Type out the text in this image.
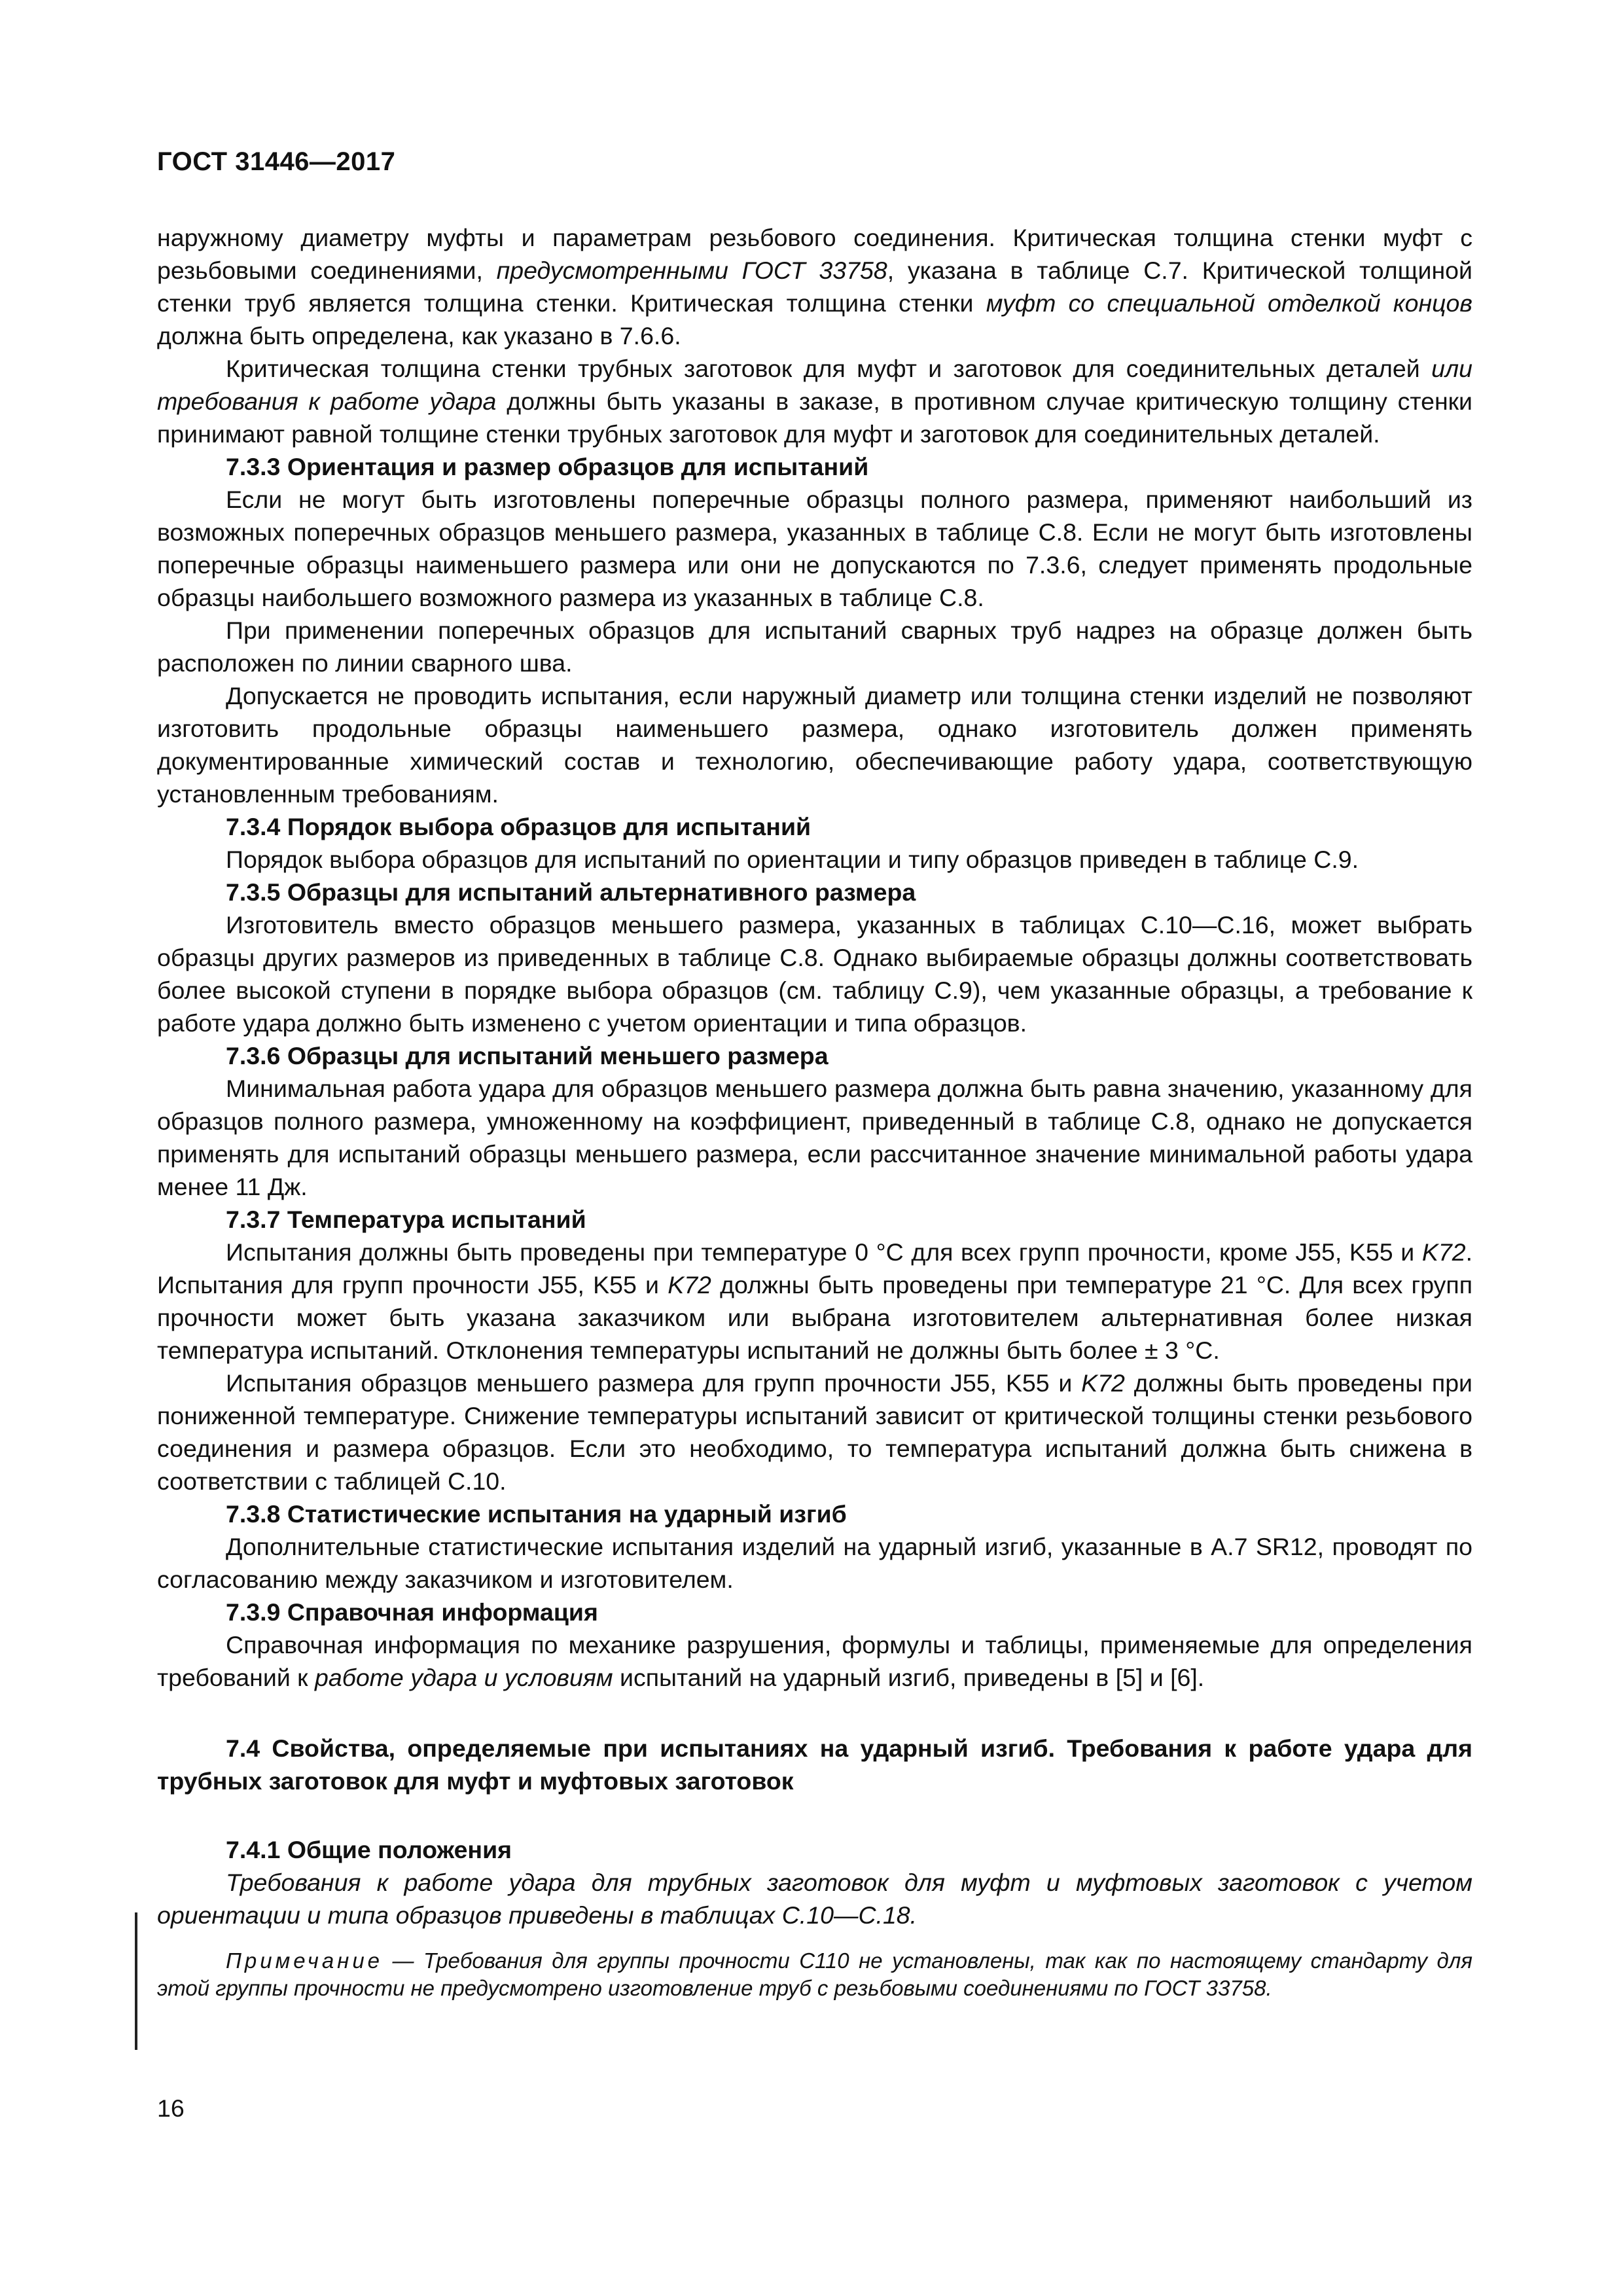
ГОСТ 31446—2017

наружному диаметру муфты и параметрам резьбового соединения. Критическая толщина стенки муфт с резьбовыми соединениями, предусмотренными ГОСТ 33758, указана в таблице С.7. Критической толщиной стенки труб является толщина стенки. Критическая толщина стенки муфт со специальной отделкой концов должна быть определена, как указано в 7.6.6.

Критическая толщина стенки трубных заготовок для муфт и заготовок для соединительных деталей или требования к работе удара должны быть указаны в заказе, в противном случае критическую толщину стенки принимают равной толщине стенки трубных заготовок для муфт и заготовок для соединительных деталей.

7.3.3 Ориентация и размер образцов для испытаний

Если не могут быть изготовлены поперечные образцы полного размера, применяют наибольший из возможных поперечных образцов меньшего размера, указанных в таблице С.8. Если не могут быть изготовлены поперечные образцы наименьшего размера или они не допускаются по 7.3.6, следует применять продольные образцы наибольшего возможного размера из указанных в таблице С.8.

При применении поперечных образцов для испытаний сварных труб надрез на образце должен быть расположен по линии сварного шва.

Допускается не проводить испытания, если наружный диаметр или толщина стенки изделий не позволяют изготовить продольные образцы наименьшего размера, однако изготовитель должен применять документированные химический состав и технологию, обеспечивающие работу удара, соответствующую установленным требованиям.

7.3.4 Порядок выбора образцов для испытаний

Порядок выбора образцов для испытаний по ориентации и типу образцов приведен в таблице С.9.

7.3.5 Образцы для испытаний альтернативного размера

Изготовитель вместо образцов меньшего размера, указанных в таблицах С.10—С.16, может выбрать образцы других размеров из приведенных в таблице С.8. Однако выбираемые образцы должны соответствовать более высокой ступени в порядке выбора образцов (см. таблицу С.9), чем указанные образцы, а требование к работе удара должно быть изменено с учетом ориентации и типа образцов.

7.3.6 Образцы для испытаний меньшего размера

Минимальная работа удара для образцов меньшего размера должна быть равна значению, указанному для образцов полного размера, умноженному на коэффициент, приведенный в таблице С.8, однако не допускается применять для испытаний образцы меньшего размера, если рассчитанное значение минимальной работы удара менее 11 Дж.

7.3.7 Температура испытаний

Испытания должны быть проведены при температуре 0 °С для всех групп прочности, кроме J55, K55 и K72. Испытания для групп прочности J55, K55 и K72 должны быть проведены при температуре 21 °С. Для всех групп прочности может быть указана заказчиком или выбрана изготовителем альтернативная более низкая температура испытаний. Отклонения температуры испытаний не должны быть более ± 3 °С.

Испытания образцов меньшего размера для групп прочности J55, K55 и K72 должны быть проведены при пониженной температуре. Снижение температуры испытаний зависит от критической толщины стенки резьбового соединения и размера образцов. Если это необходимо, то температура испытаний должна быть снижена в соответствии с таблицей С.10.

7.3.8 Статистические испытания на ударный изгиб

Дополнительные статистические испытания изделий на ударный изгиб, указанные в А.7 SR12, проводят по согласованию между заказчиком и изготовителем.

7.3.9 Справочная информация

Справочная информация по механике разрушения, формулы и таблицы, применяемые для определения требований к работе удара и условиям испытаний на ударный изгиб, приведены в [5] и [6].

7.4 Свойства, определяемые при испытаниях на ударный изгиб. Требования к работе удара для трубных заготовок для муфт и муфтовых заготовок

7.4.1 Общие положения

Требования к работе удара для трубных заготовок для муфт и муфтовых заготовок с учетом ориентации и типа образцов приведены в таблицах С.10—С.18.

Примечание — Требования для группы прочности С110 не установлены, так как по настоящему стандарту для этой группы прочности не предусмотрено изготовление труб с резьбовыми соединениями по ГОСТ 33758.

16
